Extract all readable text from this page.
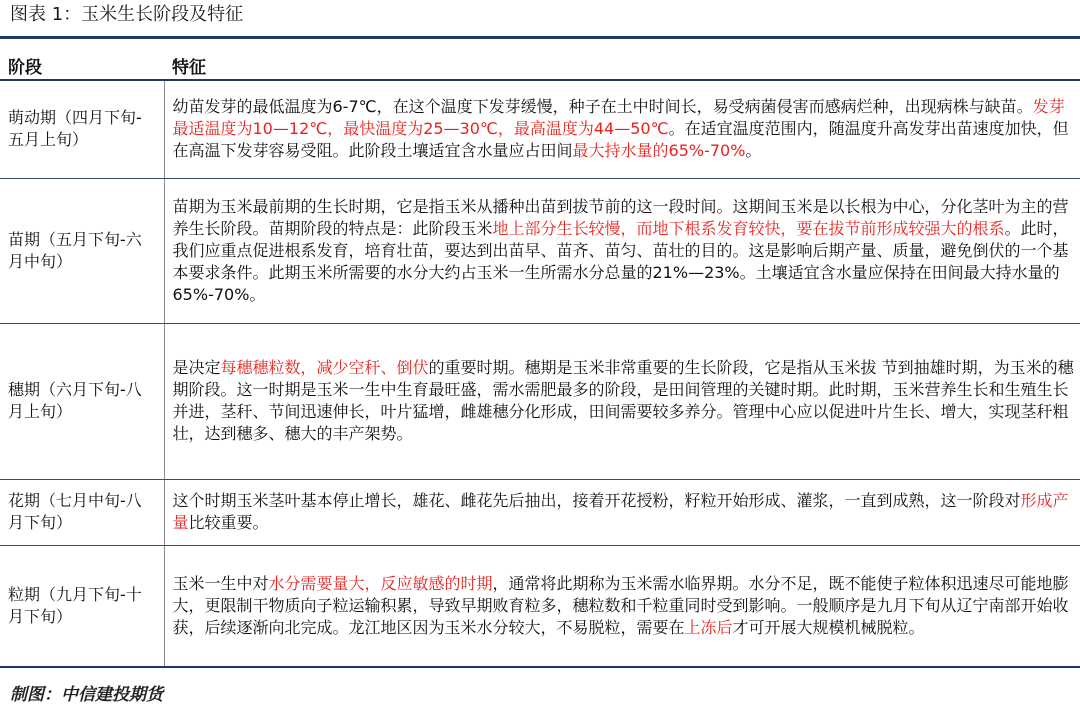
图表 1：玉米生长阶段及特征
阶段	特征
萌动期（四月下旬-五月上旬）	幼苗发芽的最低温度为6-7℃，在这个温度下发芽缓慢，种子在土中时间长，易受病菌侵害而感病烂种，出现病株与缺苗。发芽最适温度为10—12℃，最快温度为25—30℃，最高温度为44—50℃。在适宜温度范围内，随温度升高发芽出苗速度加快，但在高温下发芽容易受阻。此阶段土壤适宜含水量应占田间最大持水量的65%-70%。
苗期（五月下旬-六月中旬）	苗期为玉米最前期的生长时期，它是指玉米从播种出苗到拔节前的这一段时间。这期间玉米是以长根为中心，分化茎叶为主的营养生长阶段。苗期阶段的特点是：此阶段玉米地上部分生长较慢，而地下根系发育较快，要在拔节前形成较强大的根系。此时，我们应重点促进根系发育，培育壮苗，要达到出苗早、苗齐、苗匀、苗壮的目的。这是影响后期产量、质量，避免倒伏的一个基本要求条件。此期玉米所需要的水分大约占玉米一生所需水分总量的21%—23%。土壤适宜含水量应保持在田间最大持水量的65%-70%。
穗期（六月下旬-八月上旬）	是决定每穗穗粒数，减少空秆、倒伏的重要时期。穗期是玉米非常重要的生长阶段，它是指从玉米拔 节到抽雄时期，为玉米的穗期阶段。这一时期是玉米一生中生育最旺盛，需水需肥最多的阶段，是田间管理的关键时期。此时期，玉米营养生长和生殖生长并进，茎秆、节间迅速伸长，叶片猛增，雌雄穗分化形成，田间需要较多养分。管理中心应以促进叶片生长、增大，实现茎秆粗壮，达到穗多、穗大的丰产架势。
花期（七月中旬-八月下旬）	这个时期玉米茎叶基本停止增长，雄花、雌花先后抽出，接着开花授粉，籽粒开始形成、灌浆，一直到成熟，这一阶段对形成产量比较重要。
粒期（九月下旬-十月下旬）	玉米一生中对水分需要量大，反应敏感的时期，通常将此期称为玉米需水临界期。水分不足，既不能使子粒体积迅速尽可能地膨大，更限制干物质向子粒运输积累，导致早期败育粒多，穗粒数和千粒重同时受到影响。一般顺序是九月下旬从辽宁南部开始收获，后续逐渐向北完成。龙江地区因为玉米水分较大，不易脱粒，需要在上冻后才可开展大规模机械脱粒。
制图：中信建投期货
